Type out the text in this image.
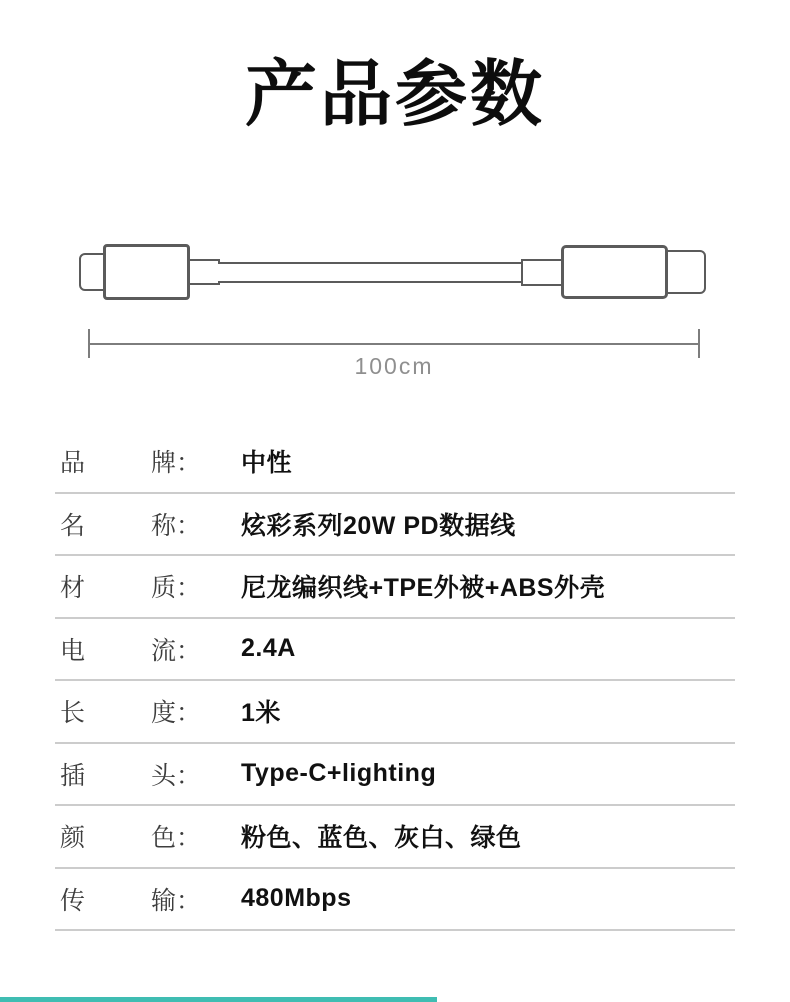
产品参数
100cm
品	牌： 中性
名	称： 炫彩系列20W PD数据线
材	质： 尼龙编织线+TPE外被+ABS外壳
电	流： 2.4A
长	度： 1米
插	头： Type-C+lighting
颜	色： 粉色、蓝色、灰白、绿色
传	输： 480Mbps
